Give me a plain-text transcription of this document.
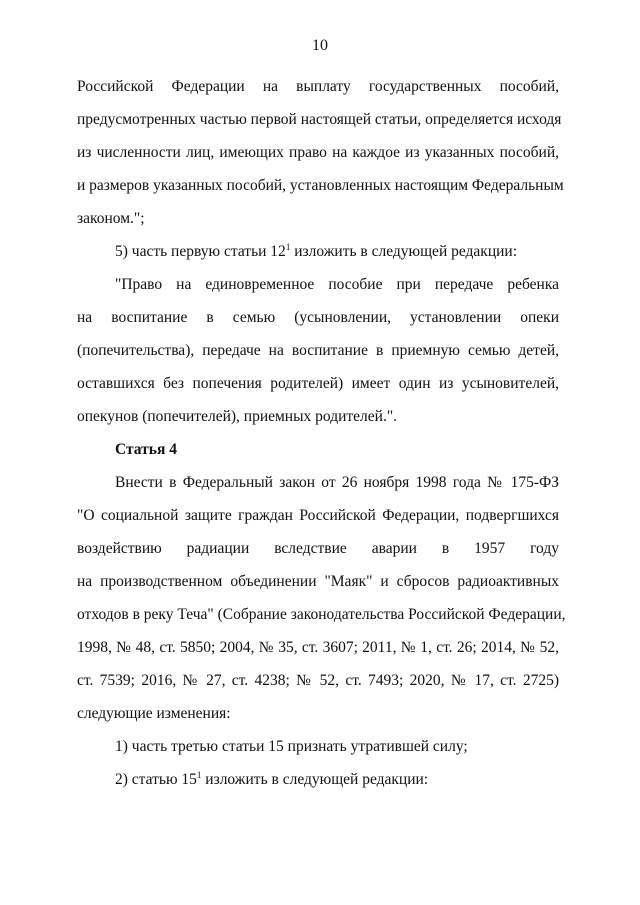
10
Российской Федерации на выплату государственных пособий,
предусмотренных частью первой настоящей статьи, определяется исходя
из численности лиц, имеющих право на каждое из указанных пособий,
и размеров указанных пособий, установленных настоящим Федеральным
законом.";
5) часть первую статьи $12^1$ изложить в следующей редакции:
"Право на единовременное пособие при передаче ребенка
на воспитание в семью (усыновлении, установлении опеки
(попечительства), передаче на воспитание в приемную семью детей,
оставшихся без попечения родителей) имеет один из усыновителей,
опекунов (попечителей), приемных родителей.".
Статья 4
Внести в Федеральный закон от 26 ноября 1998 года № 175-ФЗ
"О социальной защите граждан Российской Федерации, подвергшихся
воздействию радиации вследствие аварии в 1957 году
на производственном объединении "Маяк" и сбросов радиоактивных
отходов в реку Теча" (Собрание законодательства Российской Федерации,
1998, № 48, ст. 5850; 2004, № 35, ст. 3607; 2011, № 1, ст. 26; 2014, № 52,
ст. 7539; 2016, № 27, ст. 4238; № 52, ст. 7493; 2020, № 17, ст. 2725)
следующие изменения:
1) часть третью статьи 15 признать утратившей силу;
2) статью $15^1$ изложить в следующей редакции:
